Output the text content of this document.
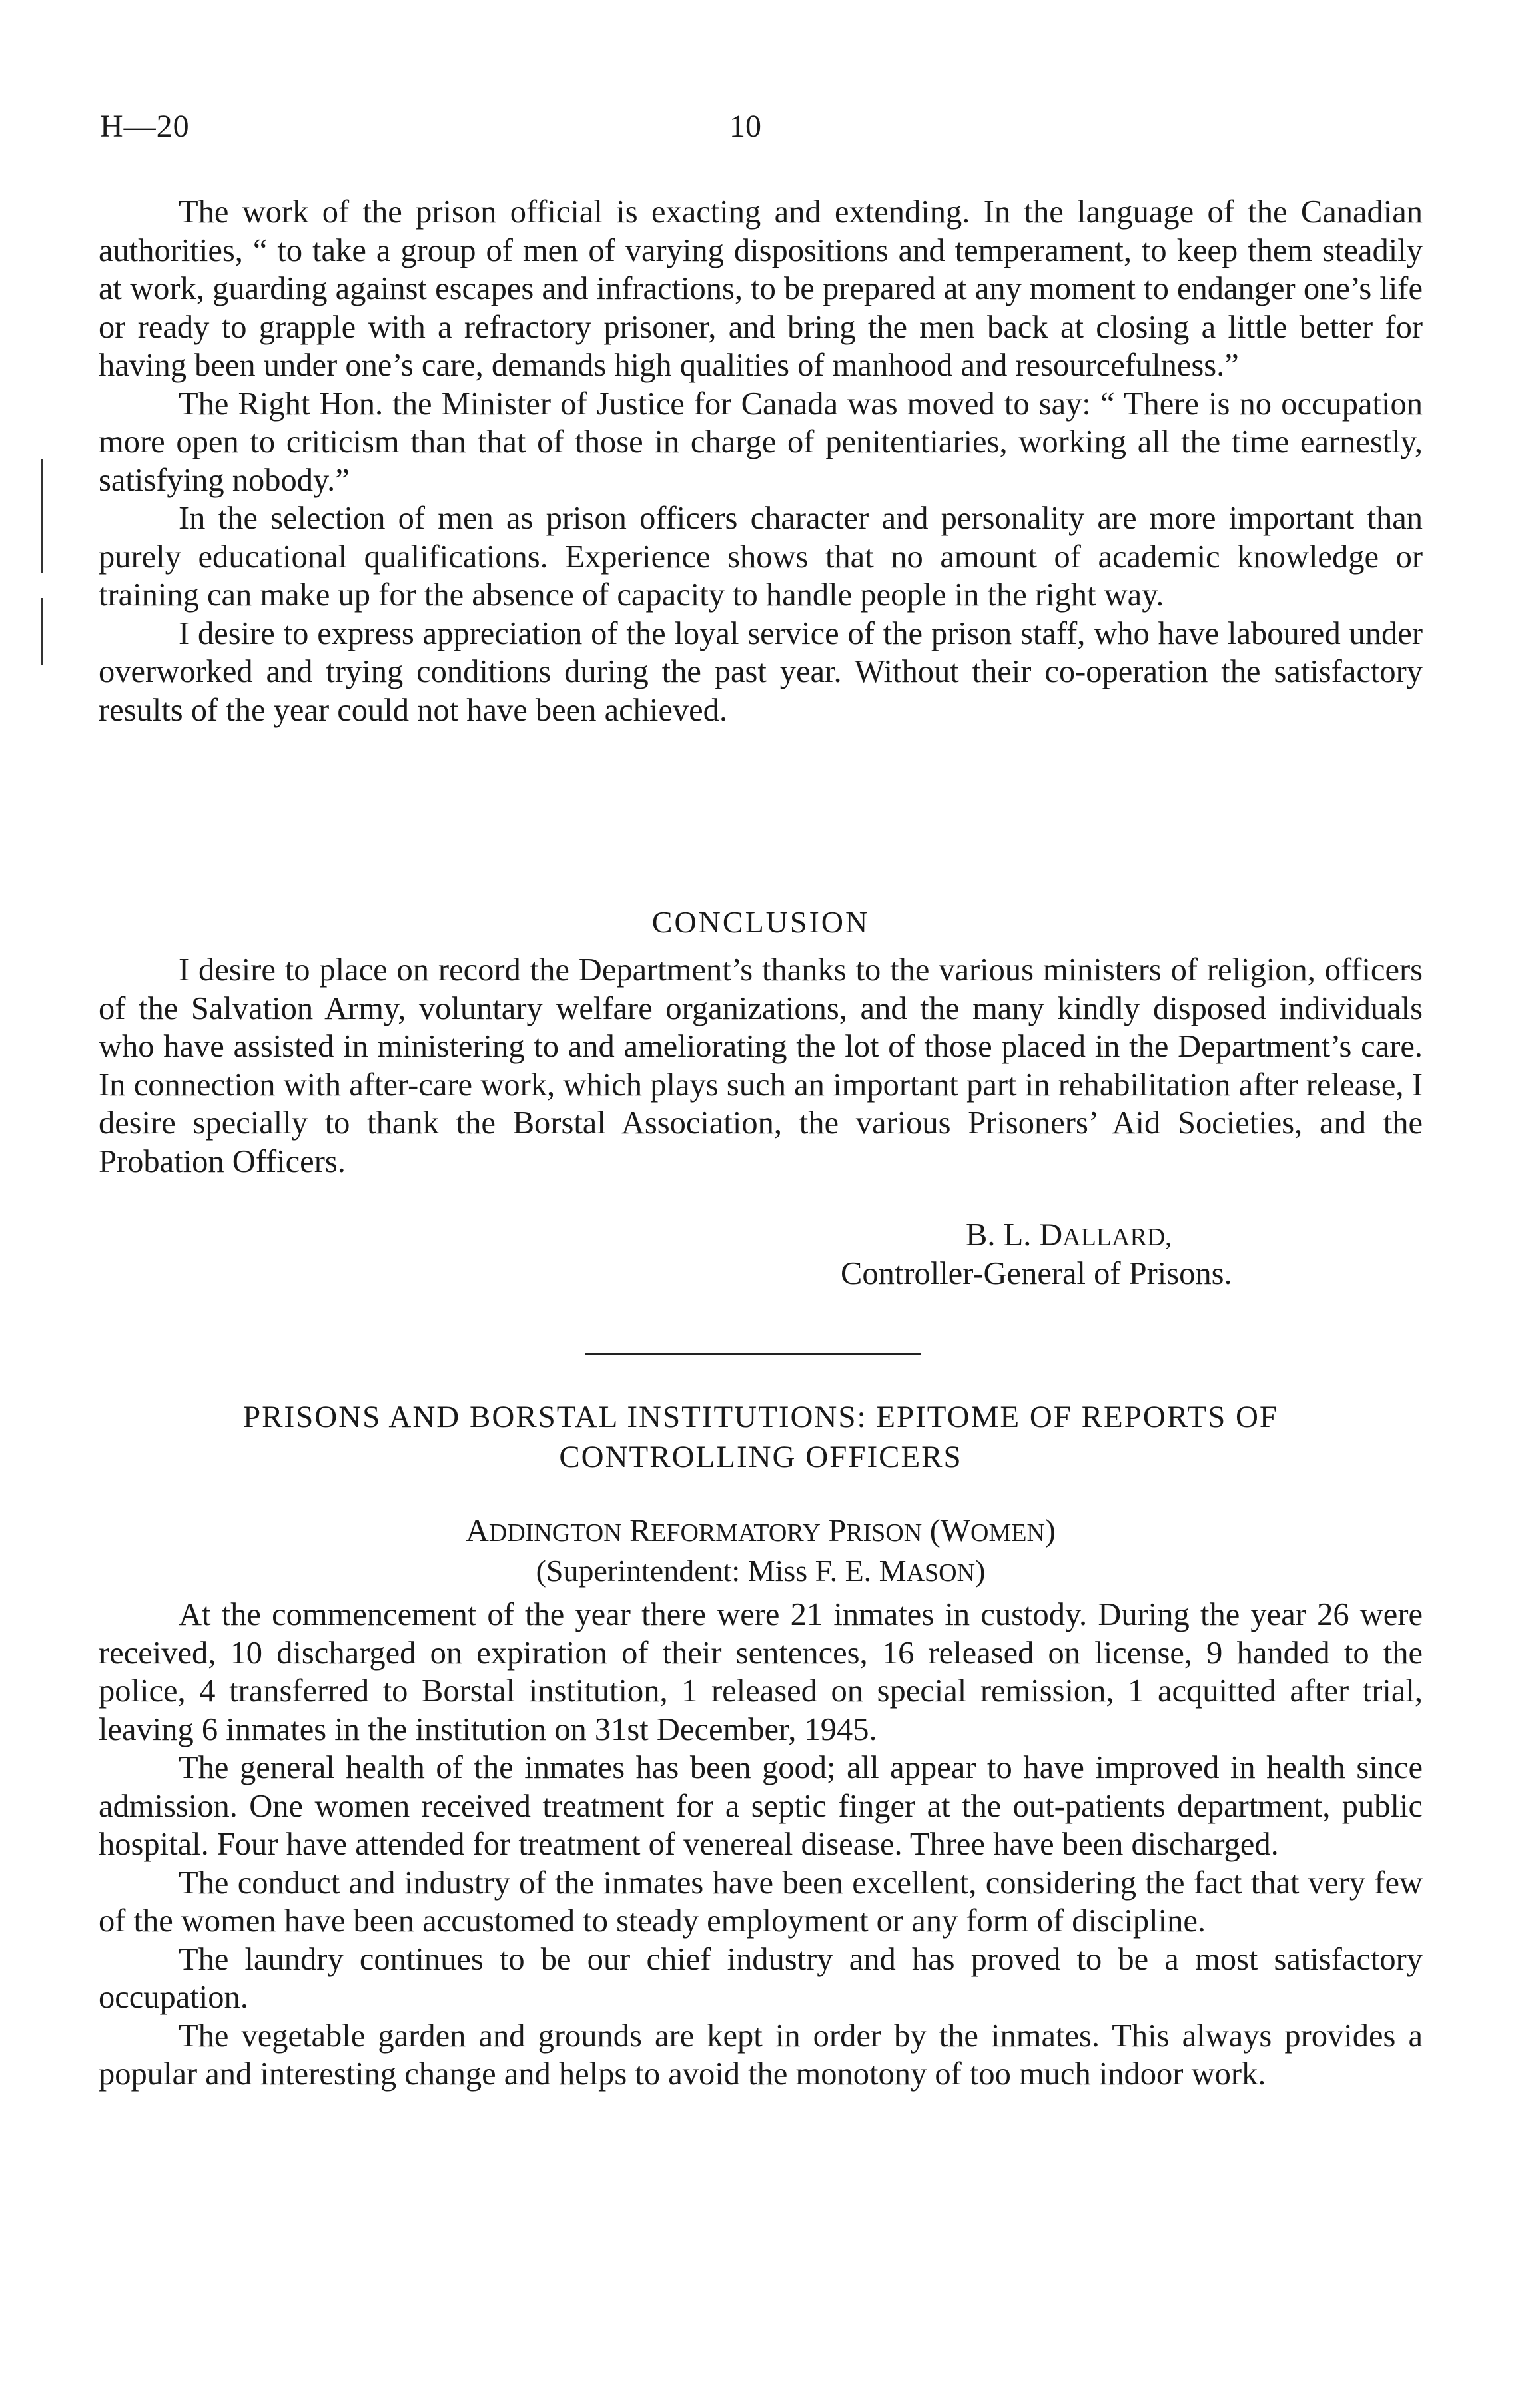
H—20	10

The work of the prison official is exacting and extending. In the language of the Canadian authorities, “ to take a group of men of varying dispositions and temperament, to keep them steadily at work, guarding against escapes and infractions, to be prepared at any moment to endanger one’s life or ready to grapple with a refractory prisoner, and bring the men back at closing a little better for having been under one’s care, demands high qualities of manhood and resourcefulness.”

The Right Hon. the Minister of Justice for Canada was moved to say: “ There is no occupation more open to criticism than that of those in charge of penitentiaries, working all the time earnestly, satisfying nobody.”

In the selection of men as prison officers character and personality are more important than purely educational qualifications. Experience shows that no amount of academic knowledge or training can make up for the absence of capacity to handle people in the right way.

I desire to express appreciation of the loyal service of the prison staff, who have laboured under overworked and trying conditions during the past year. Without their co-operation the satisfactory results of the year could not have been achieved.

CONCLUSION

I desire to place on record the Department’s thanks to the various ministers of religion, officers of the Salvation Army, voluntary welfare organizations, and the many kindly disposed individuals who have assisted in ministering to and ameliorating the lot of those placed in the Department’s care. In connection with after-care work, which plays such an important part in rehabilitation after release, I desire specially to thank the Borstal Association, the various Prisoners’ Aid Societies, and the Probation Officers.

B. L. DALLARD,
Controller-General of Prisons.
PRISONS AND BORSTAL INSTITUTIONS: EPITOME OF REPORTS OF
CONTROLLING OFFICERS
ADDINGTON REFORMATORY PRISON (WOMEN)
(Superintendent: Miss F. E. MASON)

At the commencement of the year there were 21 inmates in custody. During the year 26 were received, 10 discharged on expiration of their sentences, 16 released on license, 9 handed to the police, 4 transferred to Borstal institution, 1 released on special remission, 1 acquitted after trial, leaving 6 inmates in the institution on 31st December, 1945.

The general health of the inmates has been good; all appear to have improved in health since admission. One women received treatment for a septic finger at the out-patients department, public hospital. Four have attended for treatment of venereal disease. Three have been discharged.

The conduct and industry of the inmates have been excellent, considering the fact that very few of the women have been accustomed to steady employment or any form of discipline.

The laundry continues to be our chief industry and has proved to be a most satisfactory occupation.

The vegetable garden and grounds are kept in order by the inmates. This always provides a popular and interesting change and helps to avoid the monotony of too much indoor work.
